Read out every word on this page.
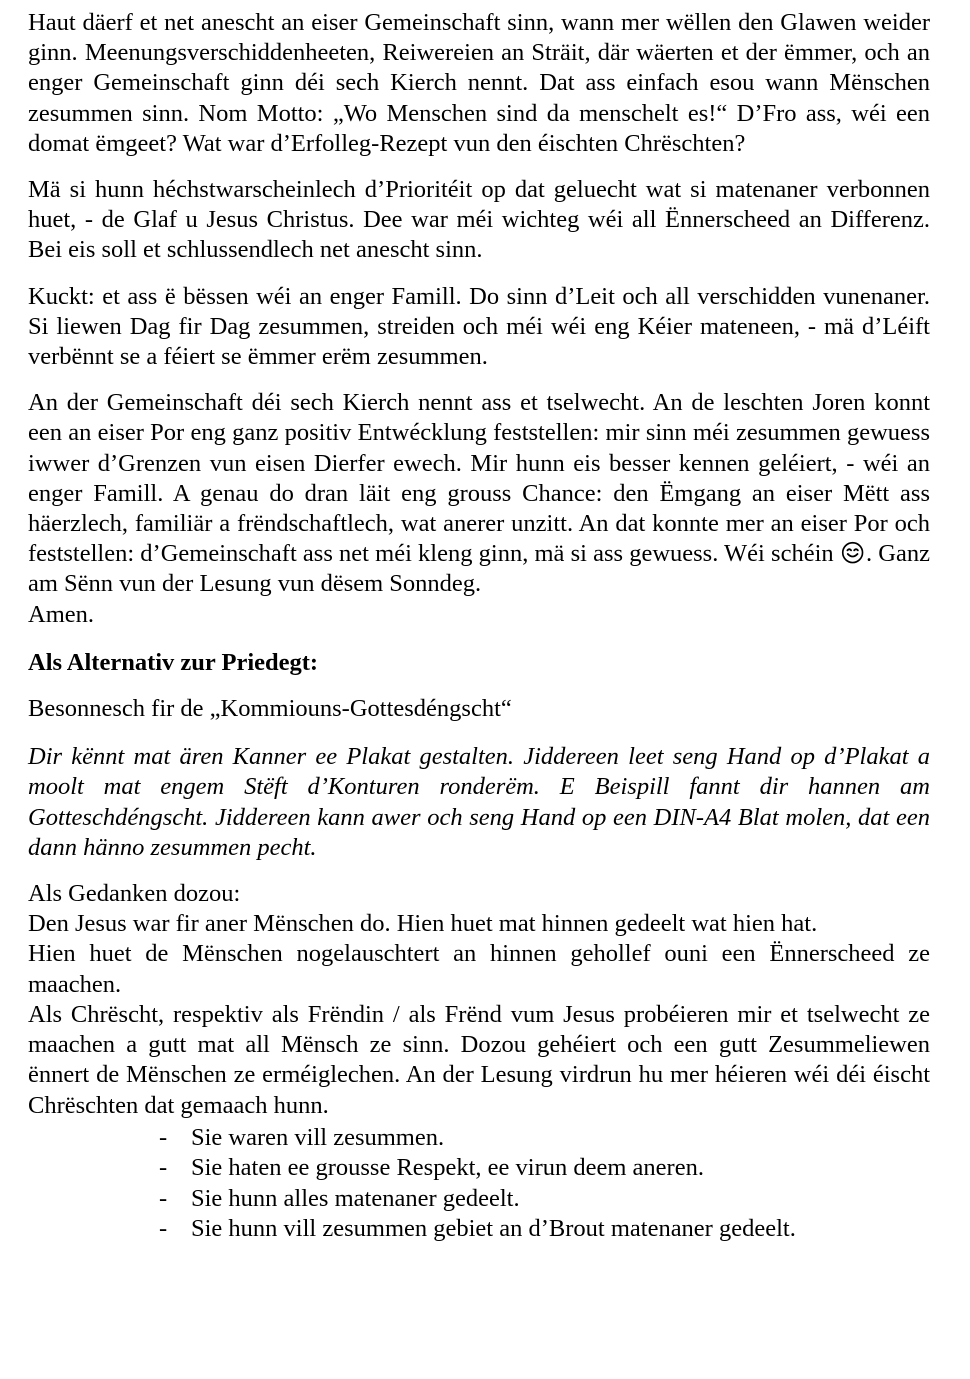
Haut däerf et net anescht an eiser Gemeinschaft sinn, wann mer wëllen den Glawen weider ginn. Meenungsverschiddenheeten, Reiwereien an Sträit, där wäerten et der ëmmer, och an enger Gemeinschaft ginn déi sech Kierch nennt. Dat ass einfach esou wann Mënschen zesummen sinn. Nom Motto: „Wo Menschen sind da menschelt es!“ D’Fro ass, wéi een domat ëmgeet? Wat war d’Erfolleg-Rezept vun den éischten Chrëschten?

Mä si hunn héchstwarscheinlech d’Prioritéit op dat geluecht wat si matenaner verbonnen huet, - de Glaf u Jesus Christus. Dee war méi wichteg wéi all Ënnerscheed an Differenz. Bei eis soll et schlussendlech net anescht sinn.

Kuckt: et ass ë bëssen wéi an enger Famill. Do sinn d’Leit och all verschidden vunenaner. Si liewen Dag fir Dag zesummen, streiden och méi wéi eng Kéier mateneen, - mä d’Léift verbënnt se a féiert se ëmmer erëm zesummen.

An der Gemeinschaft déi sech Kierch nennt ass et tselwecht. An de leschten Joren konnt een an eiser Por eng ganz positiv Entwécklung feststellen: mir sinn méi zesummen gewuess iwwer d’Grenzen vun eisen Dierfer ewech. Mir hunn eis besser kennen geléiert, - wéi an enger Famill. A genau do dran läit eng grouss Chance: den Ëmgang an eiser Mëtt ass häerzlech, familiär a frëndschaftlech, wat anerer unzitt. An dat konnte mer an eiser Por och feststellen: d’Gemeinschaft ass net méi kleng ginn, mä si ass gewuess. Wéi schéin
. Ganz am Sënn vun der Lesung vun dësem Sonndeg.

Amen.

Als Alternativ zur Priedegt:

Besonnesch fir de „Kommiouns-Gottesdéngscht“

Dir kënnt mat ären Kanner ee Plakat gestalten. Jiddereen leet seng Hand op d’Plakat a moolt mat engem Stëft d’Konturen ronderëm. E Beispill fannt dir hannen am Gotteschdéngscht. Jiddereen kann awer och seng Hand op een DIN-A4 Blat molen, dat een dann hänno zesummen pecht.

Als Gedanken dozou:

Den Jesus war fir aner Mënschen do. Hien huet mat hinnen gedeelt wat hien hat.

Hien huet de Mënschen nogelauschtert an hinnen gehollef ouni een Ënnerscheed ze maachen.

Als Chrëscht, respektiv als Frëndin / als Frënd vum Jesus probéieren mir et tselwecht ze maachen a gutt mat all Mënsch ze sinn. Dozou gehéiert och een gutt Zesummeliewen ënnert de Mënschen ze erméiglechen. An der Lesung virdrun hu mer héieren wéi déi éischt Chrëschten dat gemaach hunn.

- Sie waren vill zesummen.
- Sie haten ee grousse Respekt, ee virun deem aneren.
- Sie hunn alles matenaner gedeelt.
- Sie hunn vill zesummen gebiet an d’Brout matenaner gedeelt.
